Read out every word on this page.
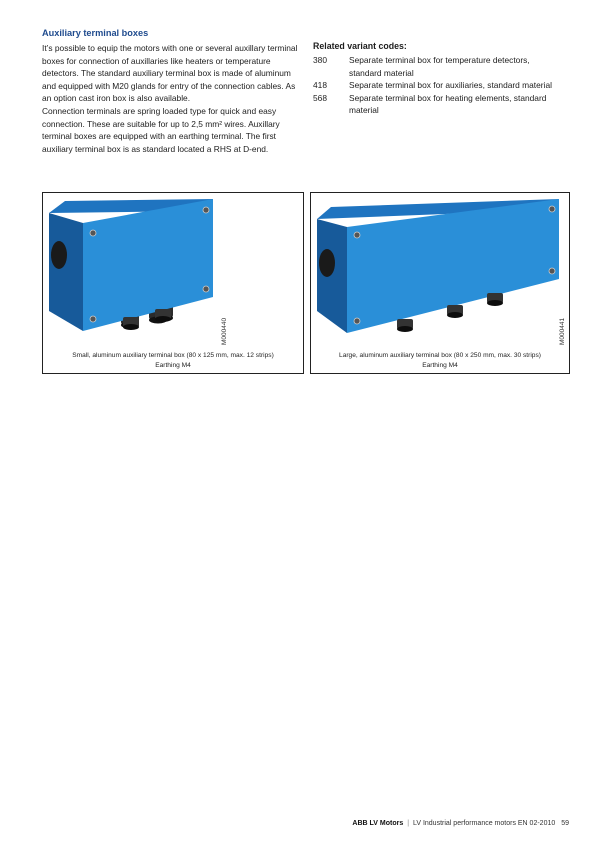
Auxiliary terminal boxes

It’s possible to equip the motors with one or several auxillary terminal boxes for connection of auxillaries like heaters or temperature detectors. The standard auxiliary terminal box is made of aluminum and equipped with M20 glands for entry of the connection cables. As an option cast iron box is also available.

Connection terminals are spring loaded type for quick and easy connection. These are suitable for up to 2,5 mm² wires. Auxillary terminal boxes are equipped with an earthing terminal. The first auxiliary terminal box is as standard located a RHS at D-end.

Related variant codes:
380	Separate terminal box for temperature detectors, standard material
418	Separate terminal box for auxiliaries, standard material
568	Separate terminal box for heating elements, standard material
M000440
Small, aluminum auxiliary terminal box (80 x 125 mm, max. 12 strips)
Earthing M4
M000441
Large, aluminum auxiliary terminal box (80 x 250 mm, max. 30 strips)
Earthing M4
ABB LV Motors | LV Industrial performance motors EN 02-2010 59
